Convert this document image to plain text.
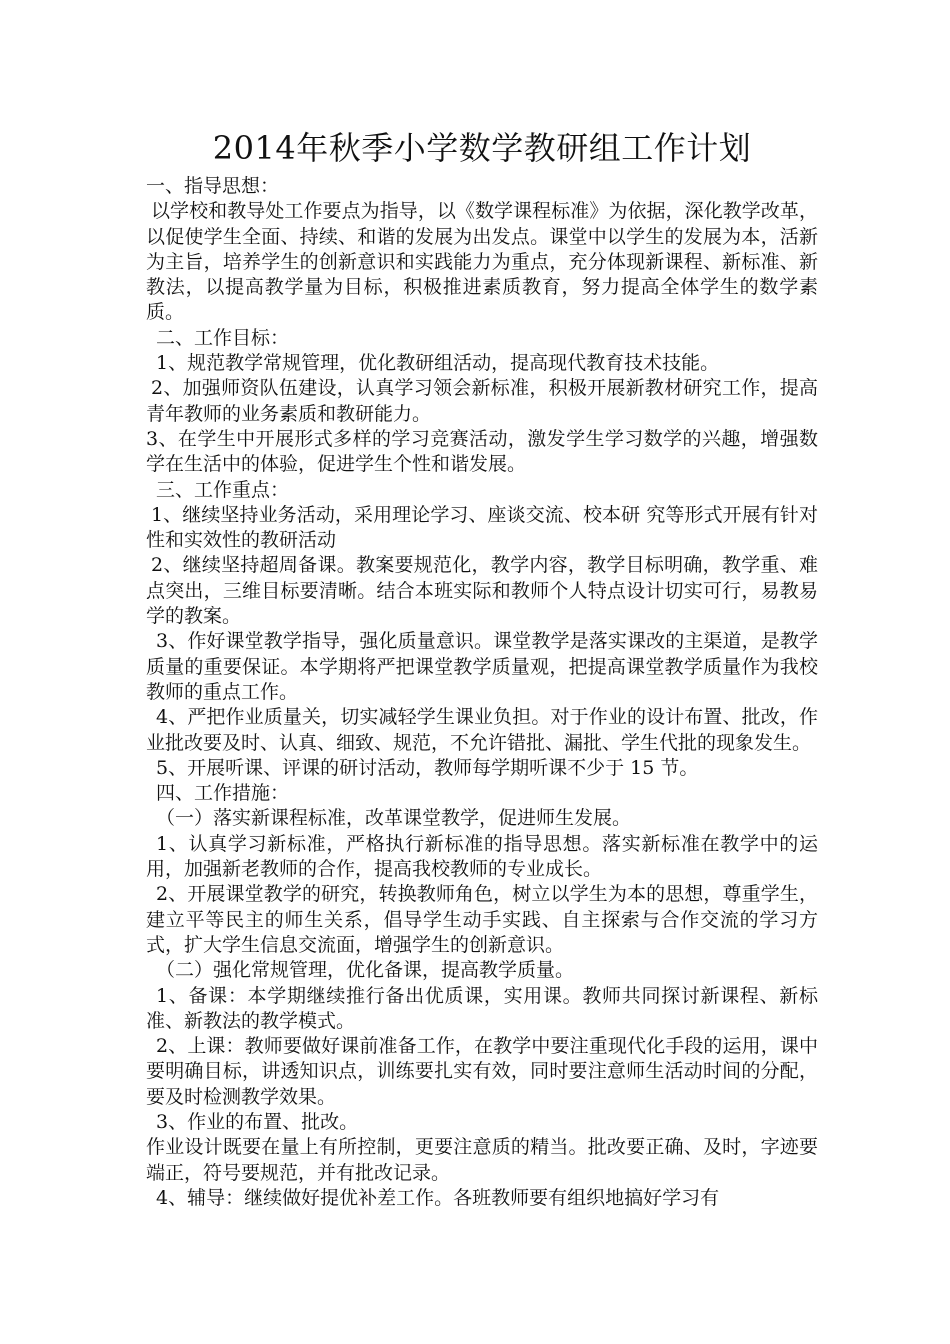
2014年秋季小学数学教研组工作计划
一、指导思想：
以学校和教导处工作要点为指导，以《数学课程标准》为依据，深化教学改革，以促使学生全面、持续、和谐的发展为出发点。课堂中以学生的发展为本，活新为主旨，培养学生的创新意识和实践能力为重点，充分体现新课程、新标准、新教法，以提高教学量为目标，积极推进素质教育，努力提高全体学生的数学素质。
二、工作目标：
1、规范教学常规管理，优化教研组活动，提高现代教育技术技能。
2、加强师资队伍建设，认真学习领会新标准，积极开展新教材研究工作，提高青年教师的业务素质和教研能力。
3、在学生中开展形式多样的学习竞赛活动，激发学生学习数学的兴趣，增强数学在生活中的体验，促进学生个性和谐发展。
三、工作重点：
1、继续坚持业务活动，采用理论学习、座谈交流、校本研 究等形式开展有针对性和实效性的教研活动
2、继续坚持超周备课。教案要规范化，教学内容，教学目标明确，教学重、难点突出，三维目标要清晰。结合本班实际和教师个人特点设计切实可行，易教易学的教案。
3、作好课堂教学指导，强化质量意识。课堂教学是落实课改的主渠道，是教学质量的重要保证。本学期将严把课堂教学质量观，把提高课堂教学质量作为我校教师的重点工作。
4、严把作业质量关，切实减轻学生课业负担。对于作业的设计布置、批改，作业批改要及时、认真、细致、规范，不允许错批、漏批、学生代批的现象发生。
5、开展听课、评课的研讨活动，教师每学期听课不少于 15 节。
四、工作措施：
（一）落实新课程标准，改革课堂教学，促进师生发展。
1、认真学习新标准，严格执行新标准的指导思想。落实新标准在教学中的运用，加强新老教师的合作，提高我校教师的专业成长。
2、开展课堂教学的研究，转换教师角色，树立以学生为本的思想，尊重学生，建立平等民主的师生关系，倡导学生动手实践、自主探索与合作交流的学习方式，扩大学生信息交流面，增强学生的创新意识。
（二）强化常规管理，优化备课，提高教学质量。
1、备课：本学期继续推行备出优质课，实用课。教师共同探讨新课程、新标准、新教法的教学模式。
2、上课：教师要做好课前准备工作，在教学中要注重现代化手段的运用，课中要明确目标，讲透知识点，训练要扎实有效，同时要注意师生活动时间的分配，要及时检测教学效果。
3、作业的布置、批改。
作业设计既要在量上有所控制，更要注意质的精当。批改要正确、及时，字迹要端正，符号要规范，并有批改记录。
4、辅导：继续做好提优补差工作。各班教师要有组织地搞好学习有
